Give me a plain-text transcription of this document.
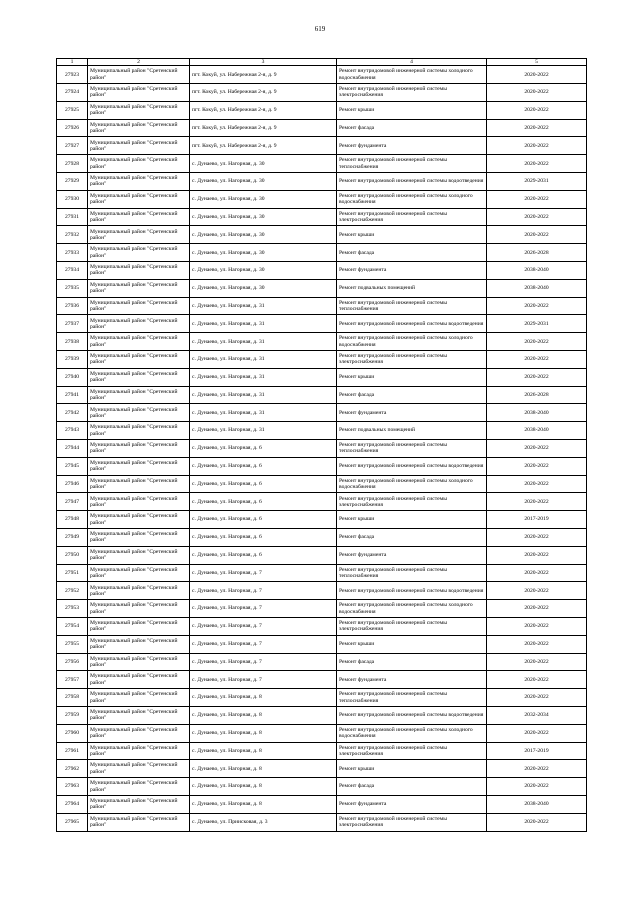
619
1	2	3	4	5
27923	Муниципальный район "Сретенский район"	пгт. Кокуй, ул. Набережная 2-я, д. 9	Ремонт внутридомовой инженерной системы холодного водоснабжения	2020-2022
27924	Муниципальный район "Сретенский район"	пгт. Кокуй, ул. Набережная 2-я, д. 9	Ремонт внутридомовой инженерной системы электроснабжения	2020-2022
27925	Муниципальный район "Сретенский район"	пгт. Кокуй, ул. Набережная 2-я, д. 9	Ремонт крыши	2020-2022
27926	Муниципальный район "Сретенский район"	пгт. Кокуй, ул. Набережная 2-я, д. 9	Ремонт фасада	2020-2022
27927	Муниципальный район "Сретенский район"	пгт. Кокуй, ул. Набережная 2-я, д. 9	Ремонт фундамента	2020-2022
27928	Муниципальный район "Сретенский район"	с. Дунаево, ул. Нагорная, д. 30	Ремонт внутридомовой инженерной системы теплоснабжения	2020-2022
27929	Муниципальный район "Сретенский район"	с. Дунаево, ул. Нагорная, д. 30	Ремонт внутридомовой инженерной системы водоотведения	2029-2031
27930	Муниципальный район "Сретенский район"	с. Дунаево, ул. Нагорная, д. 30	Ремонт внутридомовой инженерной системы холодного водоснабжения	2020-2022
27931	Муниципальный район "Сретенский район"	с. Дунаево, ул. Нагорная, д. 30	Ремонт внутридомовой инженерной системы электроснабжения	2020-2022
27932	Муниципальный район "Сретенский район"	с. Дунаево, ул. Нагорная, д. 30	Ремонт крыши	2020-2022
27933	Муниципальный район "Сретенский район"	с. Дунаево, ул. Нагорная, д. 30	Ремонт фасада	2026-2028
27934	Муниципальный район "Сретенский район"	с. Дунаево, ул. Нагорная, д. 30	Ремонт фундамента	2038-2040
27935	Муниципальный район "Сретенский район"	с. Дунаево, ул. Нагорная, д. 30	Ремонт подвальных помещений	2038-2040
27936	Муниципальный район "Сретенский район"	с. Дунаево, ул. Нагорная, д. 31	Ремонт внутридомовой инженерной системы теплоснабжения	2020-2022
27937	Муниципальный район "Сретенский район"	с. Дунаево, ул. Нагорная, д. 31	Ремонт внутридомовой инженерной системы водоотведения	2029-2031
27938	Муниципальный район "Сретенский район"	с. Дунаево, ул. Нагорная, д. 31	Ремонт внутридомовой инженерной системы холодного водоснабжения	2020-2022
27939	Муниципальный район "Сретенский район"	с. Дунаево, ул. Нагорная, д. 31	Ремонт внутридомовой инженерной системы электроснабжения	2020-2022
27940	Муниципальный район "Сретенский район"	с. Дунаево, ул. Нагорная, д. 31	Ремонт крыши	2020-2022
27941	Муниципальный район "Сретенский район"	с. Дунаево, ул. Нагорная, д. 31	Ремонт фасада	2026-2028
27942	Муниципальный район "Сретенский район"	с. Дунаево, ул. Нагорная, д. 31	Ремонт фундамента	2038-2040
27943	Муниципальный район "Сретенский район"	с. Дунаево, ул. Нагорная, д. 31	Ремонт подвальных помещений	2038-2040
27944	Муниципальный район "Сретенский район"	с. Дунаево, ул. Нагорная, д. 6	Ремонт внутридомовой инженерной системы теплоснабжения	2020-2022
27945	Муниципальный район "Сретенский район"	с. Дунаево, ул. Нагорная, д. 6	Ремонт внутридомовой инженерной системы водоотведения	2020-2022
27946	Муниципальный район "Сретенский район"	с. Дунаево, ул. Нагорная, д. 6	Ремонт внутридомовой инженерной системы холодного водоснабжения	2020-2022
27947	Муниципальный район "Сретенский район"	с. Дунаево, ул. Нагорная, д. 6	Ремонт внутридомовой инженерной системы электроснабжения	2020-2022
27948	Муниципальный район "Сретенский район"	с. Дунаево, ул. Нагорная, д. 6	Ремонт крыши	2017-2019
27949	Муниципальный район "Сретенский район"	с. Дунаево, ул. Нагорная, д. 6	Ремонт фасада	2020-2022
27950	Муниципальный район "Сретенский район"	с. Дунаево, ул. Нагорная, д. 6	Ремонт фундамента	2020-2022
27951	Муниципальный район "Сретенский район"	с. Дунаево, ул. Нагорная, д. 7	Ремонт внутридомовой инженерной системы теплоснабжения	2020-2022
27952	Муниципальный район "Сретенский район"	с. Дунаево, ул. Нагорная, д. 7	Ремонт внутридомовой инженерной системы водоотведения	2020-2022
27953	Муниципальный район "Сретенский район"	с. Дунаево, ул. Нагорная, д. 7	Ремонт внутридомовой инженерной системы холодного водоснабжения	2020-2022
27954	Муниципальный район "Сретенский район"	с. Дунаево, ул. Нагорная, д. 7	Ремонт внутридомовой инженерной системы электроснабжения	2020-2022
27955	Муниципальный район "Сретенский район"	с. Дунаево, ул. Нагорная, д. 7	Ремонт крыши	2020-2022
27956	Муниципальный район "Сретенский район"	с. Дунаево, ул. Нагорная, д. 7	Ремонт фасада	2020-2022
27957	Муниципальный район "Сретенский район"	с. Дунаево, ул. Нагорная, д. 7	Ремонт фундамента	2020-2022
27958	Муниципальный район "Сретенский район"	с. Дунаево, ул. Нагорная, д. 8	Ремонт внутридомовой инженерной системы теплоснабжения	2020-2022
27959	Муниципальный район "Сретенский район"	с. Дунаево, ул. Нагорная, д. 8	Ремонт внутридомовой инженерной системы водоотведения	2032-2034
27960	Муниципальный район "Сретенский район"	с. Дунаево, ул. Нагорная, д. 8	Ремонт внутридомовой инженерной системы холодного водоснабжения	2020-2022
27961	Муниципальный район "Сретенский район"	с. Дунаево, ул. Нагорная, д. 8	Ремонт внутридомовой инженерной системы электроснабжения	2017-2019
27962	Муниципальный район "Сретенский район"	с. Дунаево, ул. Нагорная, д. 8	Ремонт крыши	2020-2022
27963	Муниципальный район "Сретенский район"	с. Дунаево, ул. Нагорная, д. 8	Ремонт фасада	2020-2022
27964	Муниципальный район "Сретенский район"	с. Дунаево, ул. Нагорная, д. 8	Ремонт фундамента	2038-2040
27965	Муниципальный район "Сретенский район"	с. Дунаево, ул. Приисковая, д. 3	Ремонт внутридомовой инженерной системы электроснабжения	2020-2022
